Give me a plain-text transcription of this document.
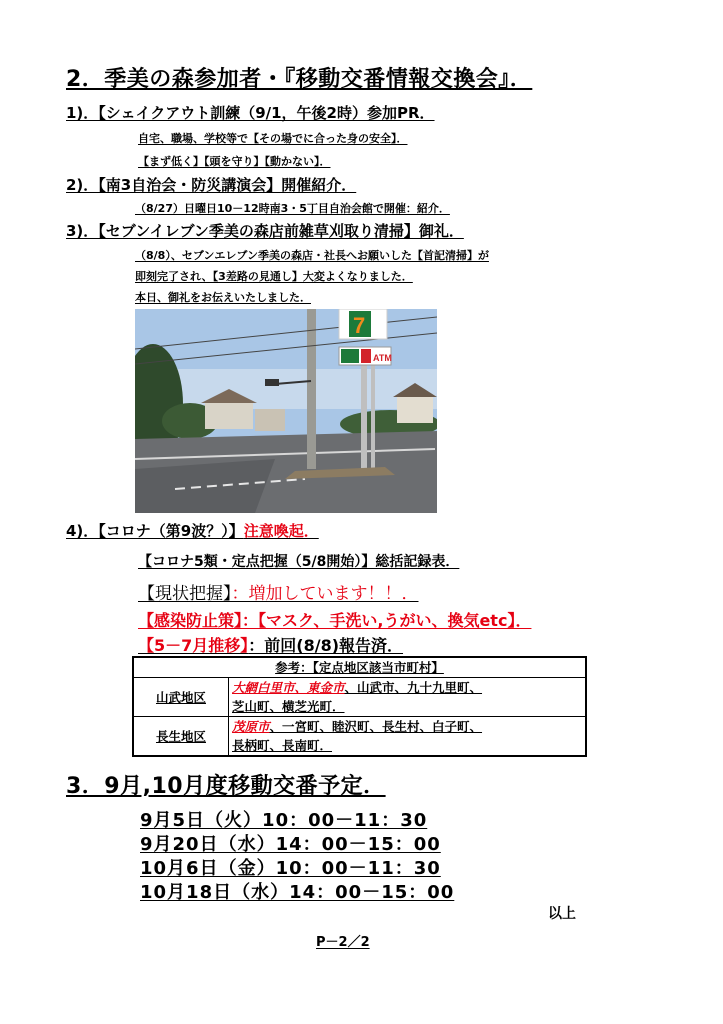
2．季美の森参加者・『移動交番情報交換会』．
1)．【シェイクアウト訓練（9/1，午後2時）参加PR．
自宅、職場、学校等で【その場でに合った身の安全】．
【まず低く】【頭を守り】【動かない】．
2)．【南3自治会・防災講演会】開催紹介．
（8/27）日曜日10－12時南3・5丁目自治会館で開催：紹介．
3)．【セブンイレブン季美の森店前雑草刈取り清掃】御礼．
（8/8）、セブンエレブン季美の森店・社長へお願いした【首記清掃】が
即刻完了され、【3差路の見通し】大変よくなりました．
本日、御礼をお伝えいたしました．
7
ATM
4)．【コロナ（第9波？）】注意喚起．
【コロナ5類・定点把握（5/8開始）】総括記録表．
【現状把握】：増加しています！！．
【感染防止策】：【マスク、手洗い,うがい、換気etc】．
【5－7月推移】：前回(8/8)報告済．
参考：【定点地区該当市町村】	
山武地区	大網白里市、東金市、山武市、九十九里町、
	芝山町、横芝光町．
長生地区	茂原市、一宮町、睦沢町、長生村、白子町、
	長柄町、長南町．
3．9月,10月度移動交番予定．
9月5日（火）10：00－11：30
9月20日（水）14：00－15：00
10月6日（金）10：00－11：30
10月18日（水）14：00－15：00
以上
P－2／2
